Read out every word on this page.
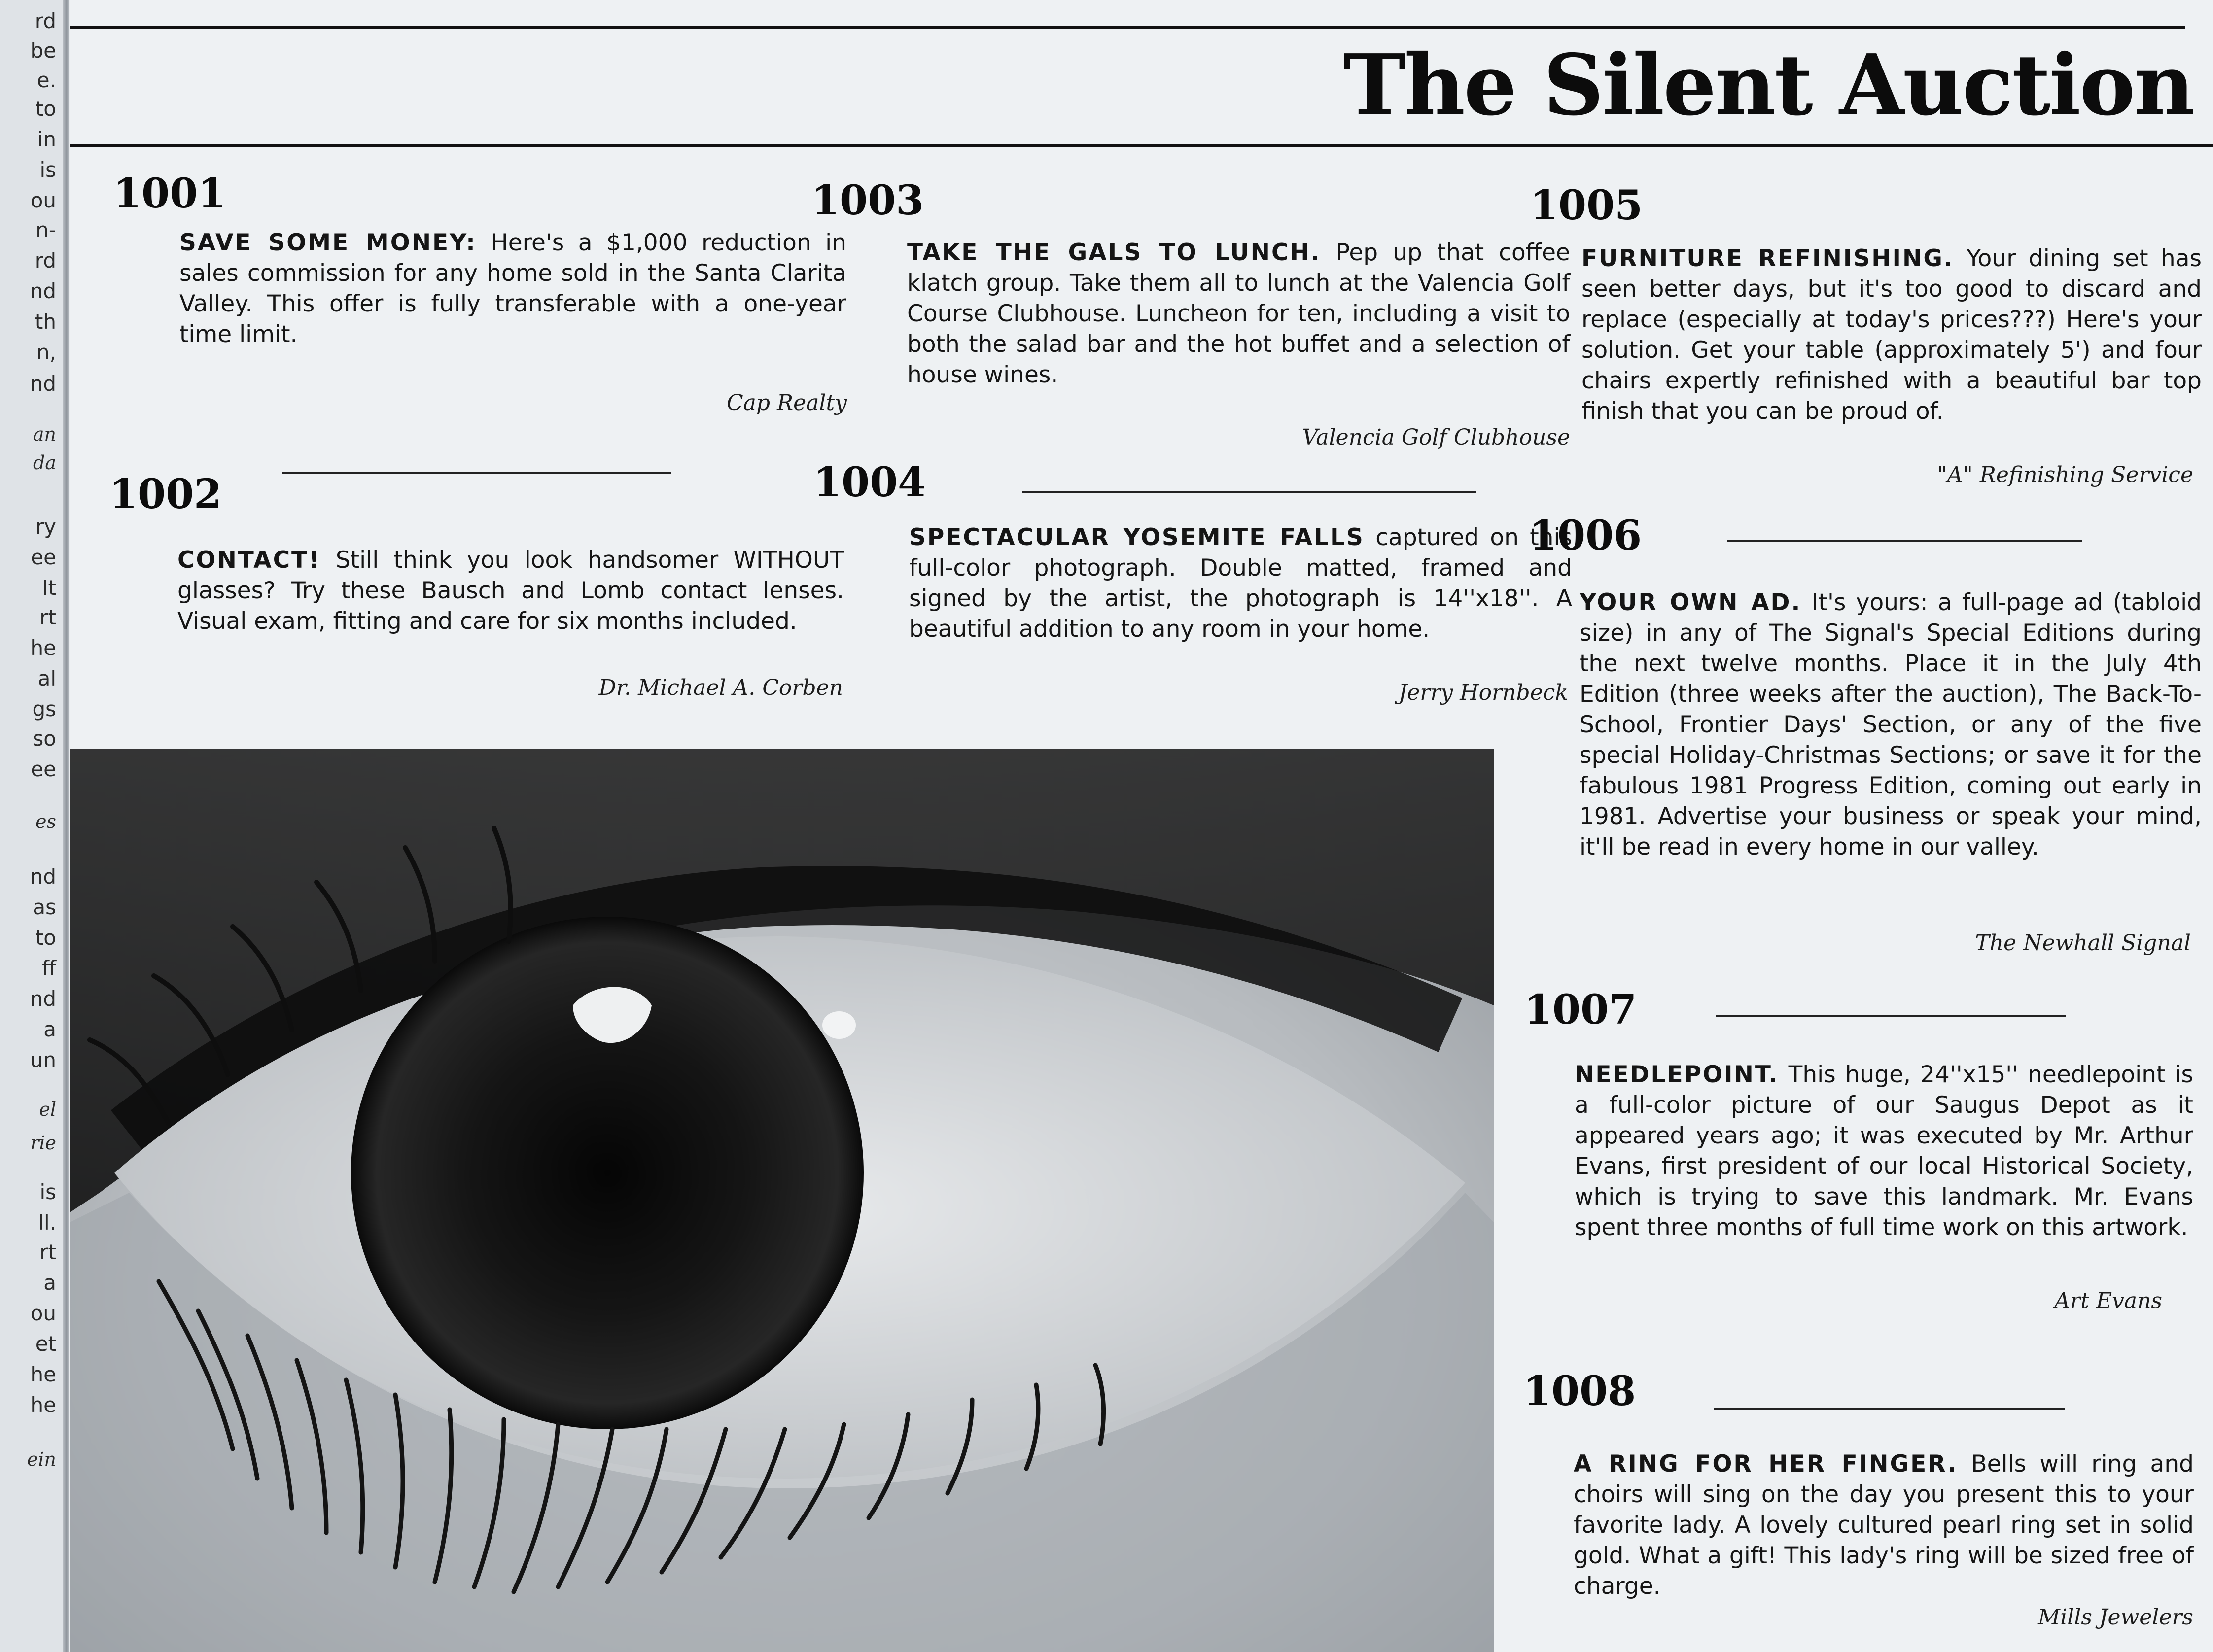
rd
be
e.
to
in
is
ou
n-
rd
nd
th
n,
nd
an
da
ry
ee
It
rt
he
al
gs
so
ee
es
nd
as
to
ff
nd
a
un
el
rie
is
ll.
rt
a
ou
et
he
he
ein
The Silent Auction
1001

SAVE SOME MONEY: Here's a $1,000 reduction in sales commission for any home sold in the Santa Clarita Valley. This offer is fully transferable with a one-year time limit.

Cap Realty

1002

CONTACT! Still think you look handsomer WITHOUT glasses? Try these Bausch and Lomb contact lenses. Visual exam, fitting and care for six months included.

Dr. Michael A. Corben

1003

TAKE THE GALS TO LUNCH. Pep up that coffee klatch group. Take them all to lunch at the Valencia Golf Course Clubhouse. Luncheon for ten, including a visit to both the salad bar and the hot buffet and a selection of house wines.

Valencia Golf Clubhouse

1004

SPECTACULAR YOSEMITE FALLS captured on this full-color photograph. Double matted, framed and signed by the artist, the photograph is 14''x18''. A beautiful addition to any room in your home.

Jerry Hornbeck

1005

FURNITURE REFINISHING. Your dining set has seen better days, but it's too good to discard and replace (especially at today's prices???) Here's your solution. Get your table (approximately 5') and four chairs expertly refinished with a beautiful bar top finish that you can be proud of.

"A" Refinishing Service

1006

YOUR OWN AD. It's yours: a full-page ad (tabloid size) in any of The Signal's Special Editions during the next twelve months. Place it in the July 4th Edition (three weeks after the auction), The Back-To-School, Frontier Days' Section, or any of the five special Holiday-Christmas Sections; or save it for the fabulous 1981 Progress Edition, coming out early in 1981. Advertise your business or speak your mind, it'll be read in every home in our valley.

The Newhall Signal

1007

NEEDLEPOINT. This huge, 24''x15'' needlepoint is a full-color picture of our Saugus Depot as it appeared years ago; it was executed by Mr. Arthur Evans, first president of our local Historical Society, which is trying to save this landmark. Mr. Evans spent three months of full time work on this artwork.

Art Evans

1008

A RING FOR HER FINGER. Bells will ring and choirs will sing on the day you present this to your favorite lady. A lovely cultured pearl ring set in solid gold. What a gift! This lady's ring will be sized free of charge.

Mills Jewelers
